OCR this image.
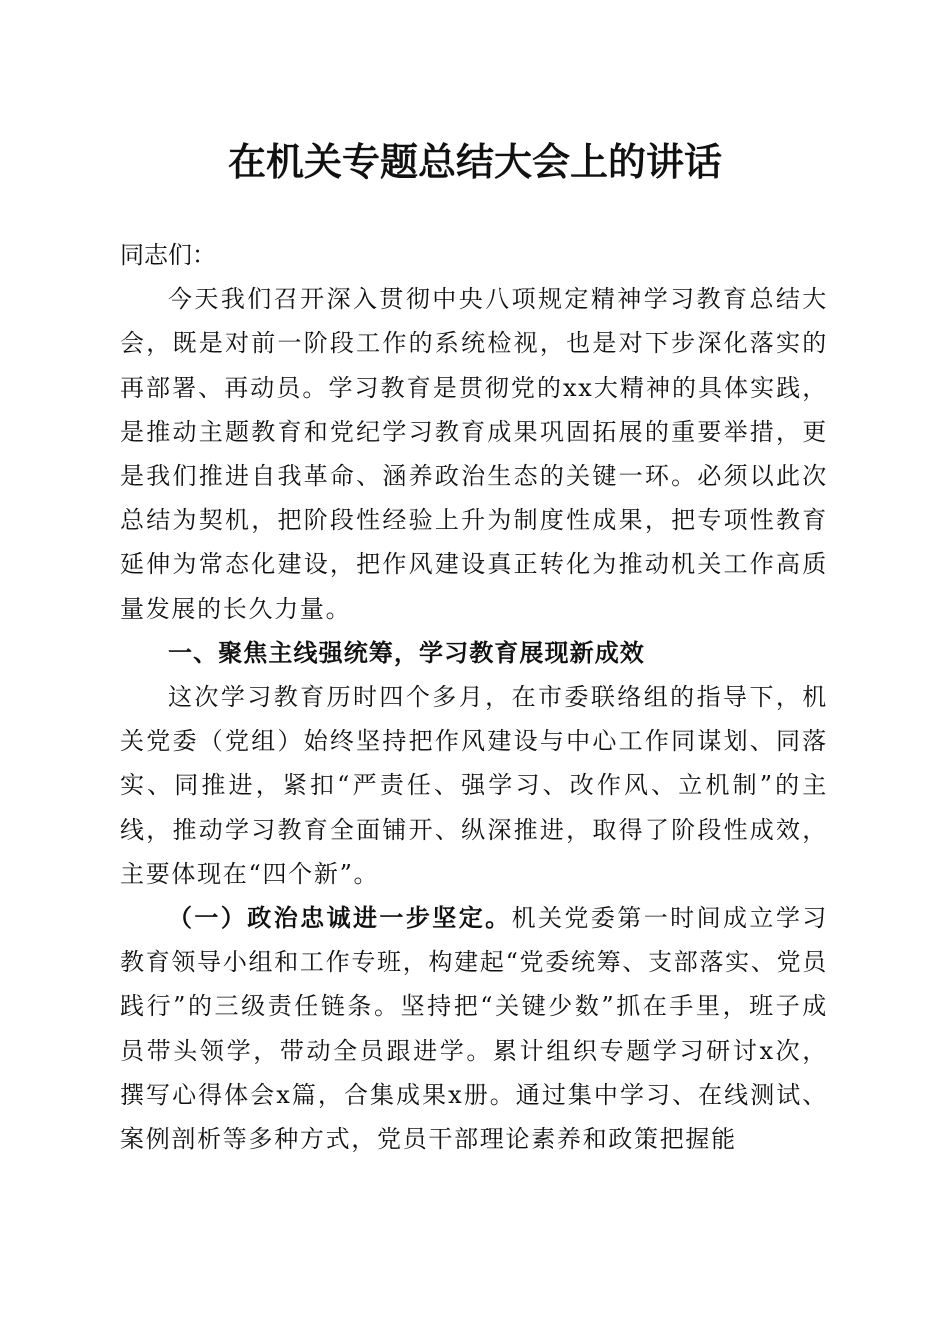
在机关专题总结大会上的讲话

同志们：

今天我们召开深入贯彻中央八项规定精神学习教育总结大会，既是对前一阶段工作的系统检视，也是对下步深化落实的再部署、再动员。学习教育是贯彻党的xx大精神的具体实践，是推动主题教育和党纪学习教育成果巩固拓展的重要举措，更是我们推进自我革命、涵养政治生态的关键一环。必须以此次总结为契机，把阶段性经验上升为制度性成果，把专项性教育延伸为常态化建设，把作风建设真正转化为推动机关工作高质量发展的长久力量。

一、聚焦主线强统筹，学习教育展现新成效

这次学习教育历时四个多月，在市委联络组的指导下，机关党委（党组）始终坚持把作风建设与中心工作同谋划、同落实、同推进，紧扣“严责任、强学习、改作风、立机制”的主线，推动学习教育全面铺开、纵深推进，取得了阶段性成效，主要体现在“四个新”。

（一）政治忠诚进一步坚定。机关党委第一时间成立学习教育领导小组和工作专班，构建起“党委统筹、支部落实、党员践行”的三级责任链条。坚持把“关键少数”抓在手里，班子成员带头领学，带动全员跟进学。累计组织专题学习研讨x次，撰写心得体会x篇，合集成果x册。通过集中学习、在线测试、案例剖析等多种方式，党员干部理论素养和政策把握能
